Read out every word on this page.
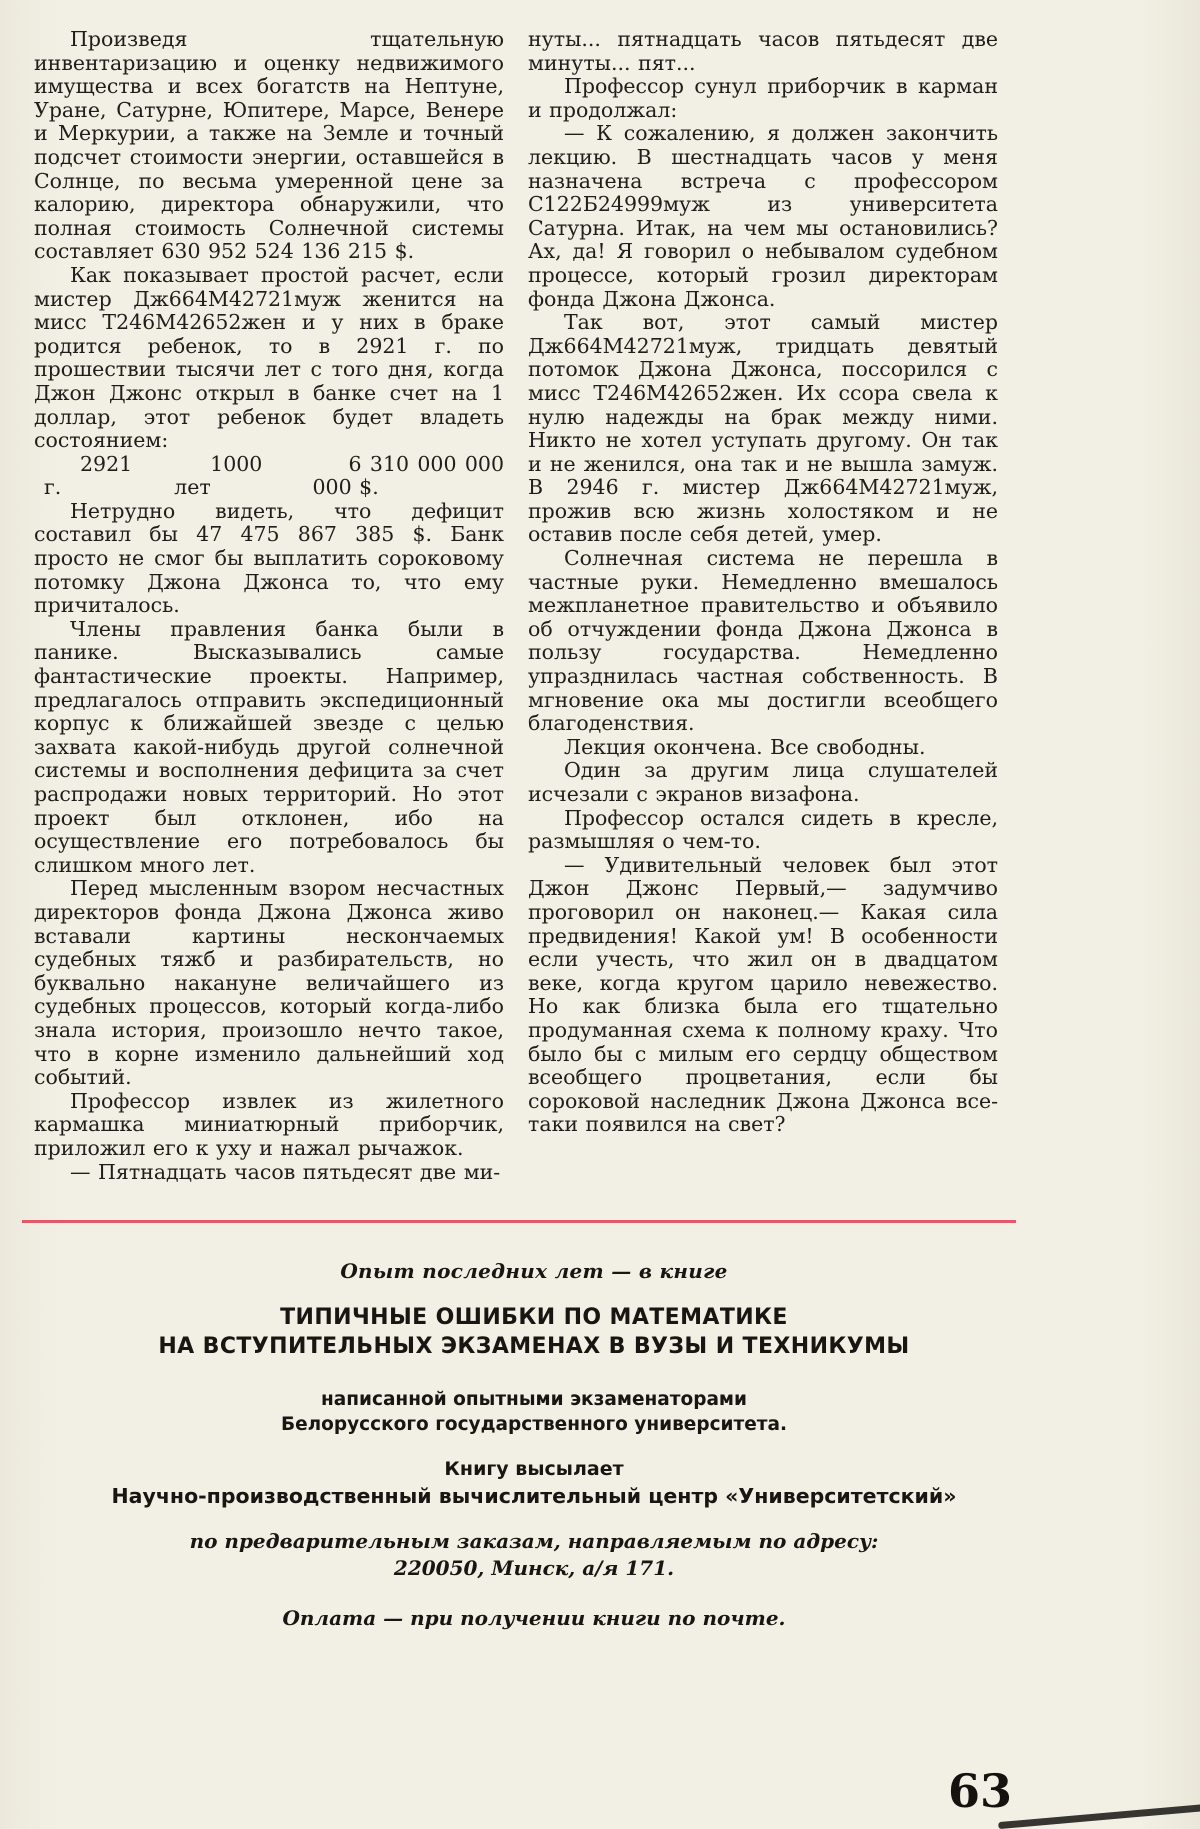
Произведя тщательную инвентаризацию и оценку недвижимого имущества и всех богатств на Нептуне, Уране, Сатурне, Юпитере, Марсе, Венере и Меркурии, а также на Земле и точный подсчет стоимости энергии, оставшейся в Солнце, по весьма умеренной цене за калорию, директора обнаружили, что полная стоимость Солнечной системы составляет 630 952 524 136 215 $.

Как показывает простой расчет, если мистер Дж664М42721муж женится на мисс Т246М42652жен и у них в браке родится ребенок, то в 2921 г. по прошествии тысячи лет с того дня, когда Джон Джонс открыл в банке счет на 1 доллар, этот ребенок будет владеть состоянием:

2921 г.
1000 лет
6 310 000 000 000 $.

Нетрудно видеть, что дефицит составил бы 47 475 867 385 $. Банк просто не смог бы выплатить сороковому потомку Джона Джонса то, что ему причиталось.

Члены правления банка были в панике. Высказывались самые фантастические проекты. Например, предлагалось отправить экспедиционный корпус к ближайшей звезде с целью захвата какой-нибудь другой солнечной системы и восполнения дефицита за счет распродажи новых территорий. Но этот проект был отклонен, ибо на осуществление его потребовалось бы слишком много лет.

Перед мысленным взором несчастных директоров фонда Джона Джонса живо вставали картины нескончаемых судебных тяжб и разбирательств, но буквально накануне величайшего из судебных процессов, который когда-либо знала история, произошло нечто такое, что в корне изменило дальнейший ход событий.

Профессор извлек из жилетного кармашка миниатюрный приборчик, приложил его к уху и нажал рычажок.

— Пятнадцать часов пятьдесят две ми-

нуты... пятнадцать часов пятьдесят две минуты... пят...

Профессор сунул приборчик в карман и продолжал:

— К сожалению, я должен закончить лекцию. В шестнадцать часов у меня назначена встреча с профессором С122Б24999муж из университета Сатурна. Итак, на чем мы остановились? Ах, да! Я говорил о небывалом судебном процессе, который грозил директорам фонда Джона Джонса.

Так вот, этот самый мистер Дж664М42721муж, тридцать девятый потомок Джона Джонса, поссорился с мисс Т246М42652жен. Их ссора свела к нулю надежды на брак между ними. Никто не хотел уступать другому. Он так и не женился, она так и не вышла замуж. В 2946 г. мистер Дж664М42721муж, прожив всю жизнь холостяком и не оставив после себя детей, умер.

Солнечная система не перешла в частные руки. Немедленно вмешалось межпланетное правительство и объявило об отчуждении фонда Джона Джонса в пользу государства. Немедленно упразднилась частная собственность. В мгновение ока мы достигли всеобщего благоденствия.

Лекция окончена. Все свободны.

Один за другим лица слушателей исчезали с экранов визафона.

Профессор остался сидеть в кресле, размышляя о чем-то.

— Удивительный человек был этот Джон Джонс Первый,— задумчиво проговорил он наконец.— Какая сила предвидения! Какой ум! В особенности если учесть, что жил он в двадцатом веке, когда кругом царило невежество. Но как близка была его тщательно продуманная схема к полному краху. Что было бы с милым его сердцу обществом всеобщего процветания, если бы сороковой наследник Джона Джонса все-таки появился на свет?

Опыт последних лет — в книге
ТИПИЧНЫЕ ОШИБКИ ПО МАТЕМАТИКЕ
НА ВСТУПИТЕЛЬНЫХ ЭКЗАМЕНАХ В ВУЗЫ И ТЕХНИКУМЫ
написанной опытными экзаменаторами
Белорусского государственного университета.
Книгу высылает
Научно-производственный вычислительный центр «Университетский»
по предварительным заказам, направляемым по адресу:
220050, Минск, а/я 171.
Оплата — при получении книги по почте.
63
